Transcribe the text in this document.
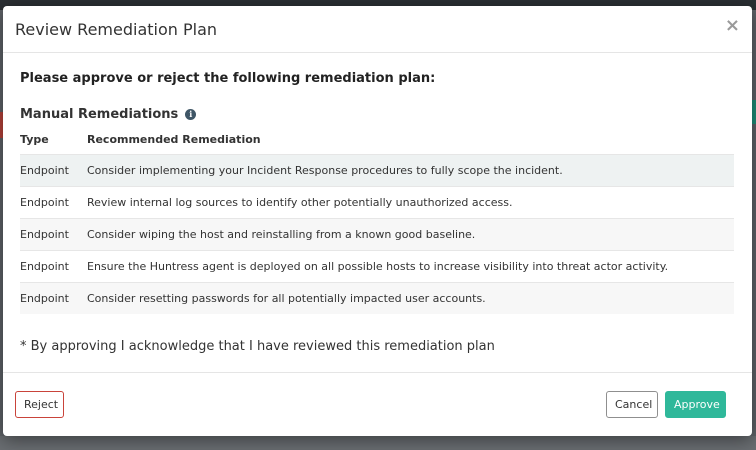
Review Remediation Plan	×
Please approve or reject the following remediation plan:
Manual Remediations	i
Type	Recommended Remediation
Endpoint	Consider implementing your Incident Response procedures to fully scope the incident.
Endpoint	Review internal log sources to identify other potentially unauthorized access.
Endpoint	Consider wiping the host and reinstalling from a known good baseline.
Endpoint	Ensure the Huntress agent is deployed on all possible hosts to increase visibility into threat actor activity.
Endpoint	Consider resetting passwords for all potentially impacted user accounts.
* By approving I acknowledge that I have reviewed this remediation plan
Reject	Cancel	Approve
